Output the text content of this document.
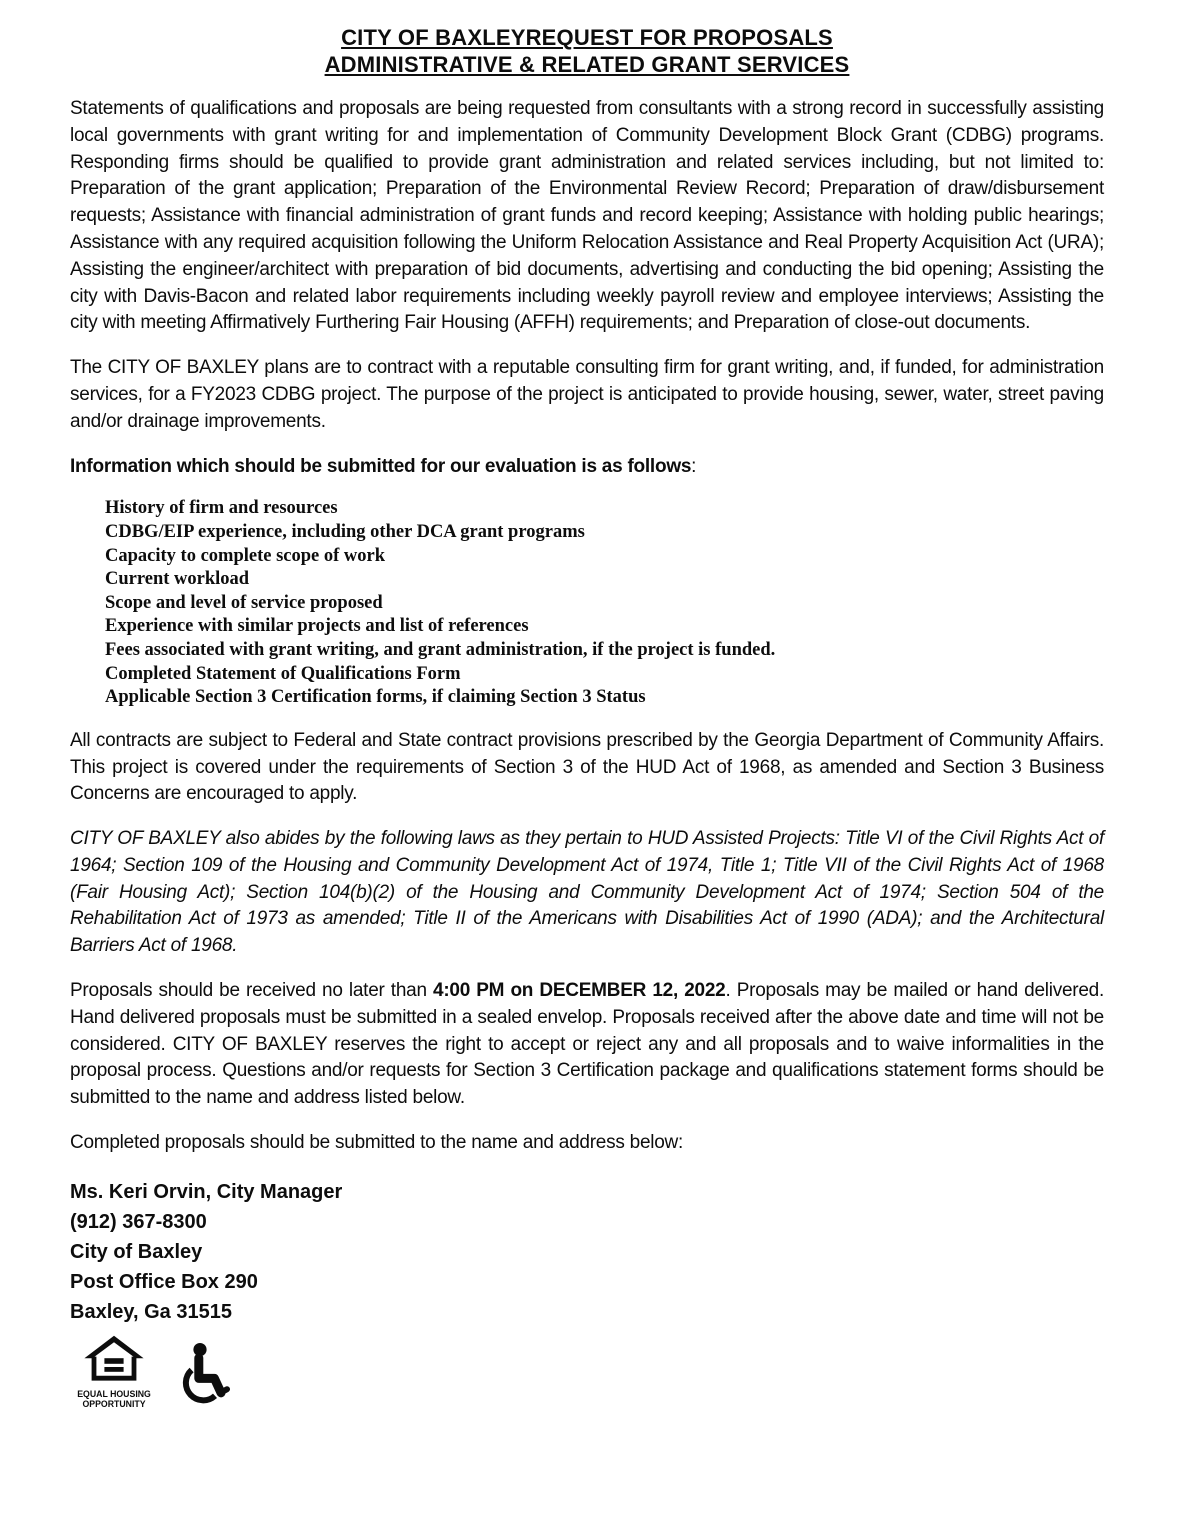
CITY OF BAXLEYREQUEST FOR PROPOSALS
ADMINISTRATIVE & RELATED GRANT SERVICES

Statements of qualifications and proposals are being requested from consultants with a strong record in successfully assisting local governments with grant writing for and implementation of Community Development Block Grant (CDBG) programs. Responding firms should be qualified to provide grant administration and related services including, but not limited to: Preparation of the grant application; Preparation of the Environmental Review Record; Preparation of draw/disbursement requests; Assistance with financial administration of grant funds and record keeping; Assistance with holding public hearings; Assistance with any required acquisition following the Uniform Relocation Assistance and Real Property Acquisition Act (URA); Assisting the engineer/architect with preparation of bid documents, advertising and conducting the bid opening; Assisting the city with Davis-Bacon and related labor requirements including weekly payroll review and employee interviews; Assisting the city with meeting Affirmatively Furthering Fair Housing (AFFH) requirements; and Preparation of close-out documents.

The CITY OF BAXLEY plans are to contract with a reputable consulting firm for grant writing, and, if funded, for administration services, for a FY2023 CDBG project. The purpose of the project is anticipated to provide housing, sewer, water, street paving and/or drainage improvements.

Information which should be submitted for our evaluation is as follows:

History of firm and resources
CDBG/EIP experience, including other DCA grant programs
Capacity to complete scope of work
Current workload
Scope and level of service proposed
Experience with similar projects and list of references
Fees associated with grant writing, and grant administration, if the project is funded.
Completed Statement of Qualifications Form
Applicable Section 3 Certification forms, if claiming Section 3 Status

All contracts are subject to Federal and State contract provisions prescribed by the Georgia Department of Community Affairs. This project is covered under the requirements of Section 3 of the HUD Act of 1968, as amended and Section 3 Business Concerns are encouraged to apply.

CITY OF BAXLEY also abides by the following laws as they pertain to HUD Assisted Projects: Title VI of the Civil Rights Act of 1964; Section 109 of the Housing and Community Development Act of 1974, Title 1; Title VII of the Civil Rights Act of 1968 (Fair Housing Act); Section 104(b)(2) of the Housing and Community Development Act of 1974; Section 504 of the Rehabilitation Act of 1973 as amended; Title II of the Americans with Disabilities Act of 1990 (ADA); and the Architectural Barriers Act of 1968.

Proposals should be received no later than 4:00 PM on DECEMBER 12, 2022. Proposals may be mailed or hand delivered. Hand delivered proposals must be submitted in a sealed envelop. Proposals received after the above date and time will not be considered. CITY OF BAXLEY reserves the right to accept or reject any and all proposals and to waive informalities in the proposal process. Questions and/or requests for Section 3 Certification package and qualifications statement forms should be submitted to the name and address listed below.

Completed proposals should be submitted to the name and address below:

Ms. Keri Orvin, City Manager
(912) 367-8300
City of Baxley
Post Office Box 290
Baxley, Ga 31515
EQUAL HOUSING
OPPORTUNITY
